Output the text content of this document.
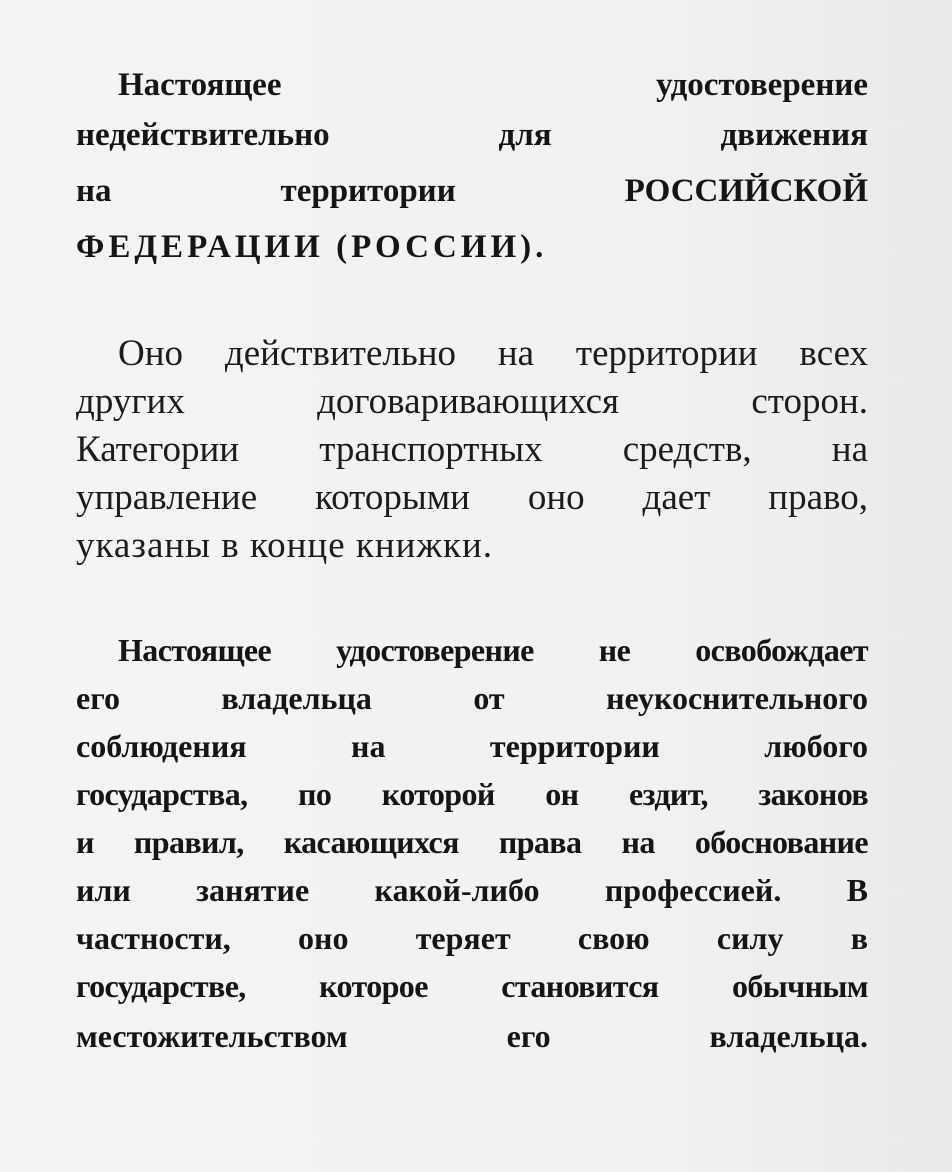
Настоящее удостоверение
недействительно для движения
на территории РОССИЙСКОЙ
ФЕДЕРАЦИИ (РОССИИ).
Оно действительно на территории всех
других договаривающихся сторон.
Категории транспортных средств, на
управление которыми оно дает право,
указаны в конце книжки.
Настоящее удостоверение не освобождает
его владельца от неукоснительного
соблюдения на территории любого
государства, по которой он ездит, законов
и правил, касающихся права на обоснование
или занятие какой-либо профессией. В
частности, оно теряет свою силу в
государстве, которое становится обычным
местожительством его владельца.
